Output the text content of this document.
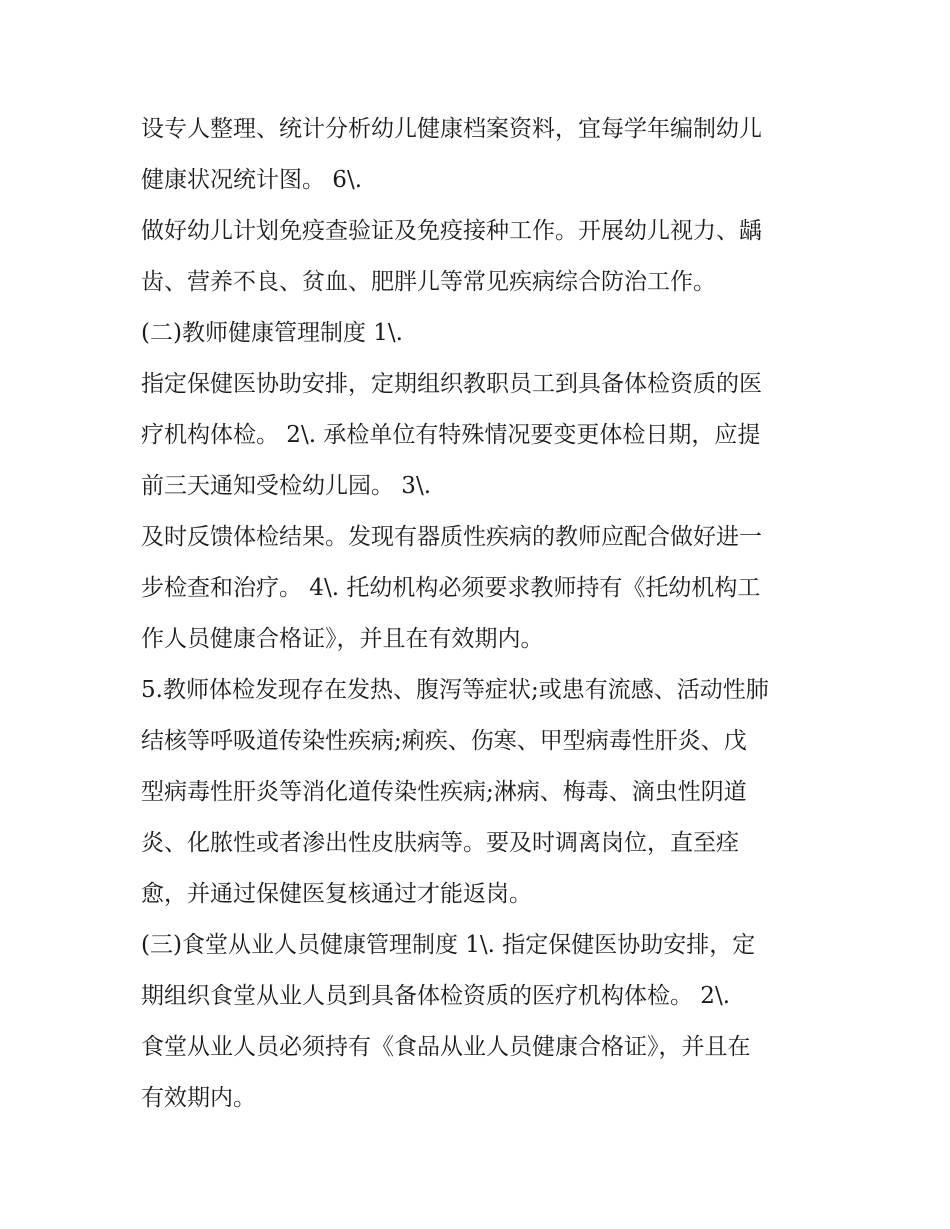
设专人整理、统计分析幼儿健康档案资料，宜每学年编制幼儿
健康状况统计图。 6\.
做好幼儿计划免疫查验证及免疫接种工作。开展幼儿视力、龋
齿、营养不良、贫血、肥胖儿等常见疾病综合防治工作。
(二)教师健康管理制度 1\.
指定保健医协助安排，定期组织教职员工到具备体检资质的医
疗机构体检。 2\. 承检单位有特殊情况要变更体检日期，应提
前三天通知受检幼儿园。 3\.
及时反馈体检结果。发现有器质性疾病的教师应配合做好进一
步检查和治疗。 4\. 托幼机构必须要求教师持有《托幼机构工
作人员健康合格证》，并且在有效期内。
5.教师体检发现存在发热、腹泻等症状;或患有流感、活动性肺
结核等呼吸道传染性疾病;痢疾、伤寒、甲型病毒性肝炎、戊
型病毒性肝炎等消化道传染性疾病;淋病、梅毒、滴虫性阴道
炎、化脓性或者渗出性皮肤病等。要及时调离岗位，直至痊
愈，并通过保健医复核通过才能返岗。
(三)食堂从业人员健康管理制度 1\. 指定保健医协助安排，定
期组织食堂从业人员到具备体检资质的医疗机构体检。 2\.
食堂从业人员必须持有《食品从业人员健康合格证》，并且在
有效期内。
